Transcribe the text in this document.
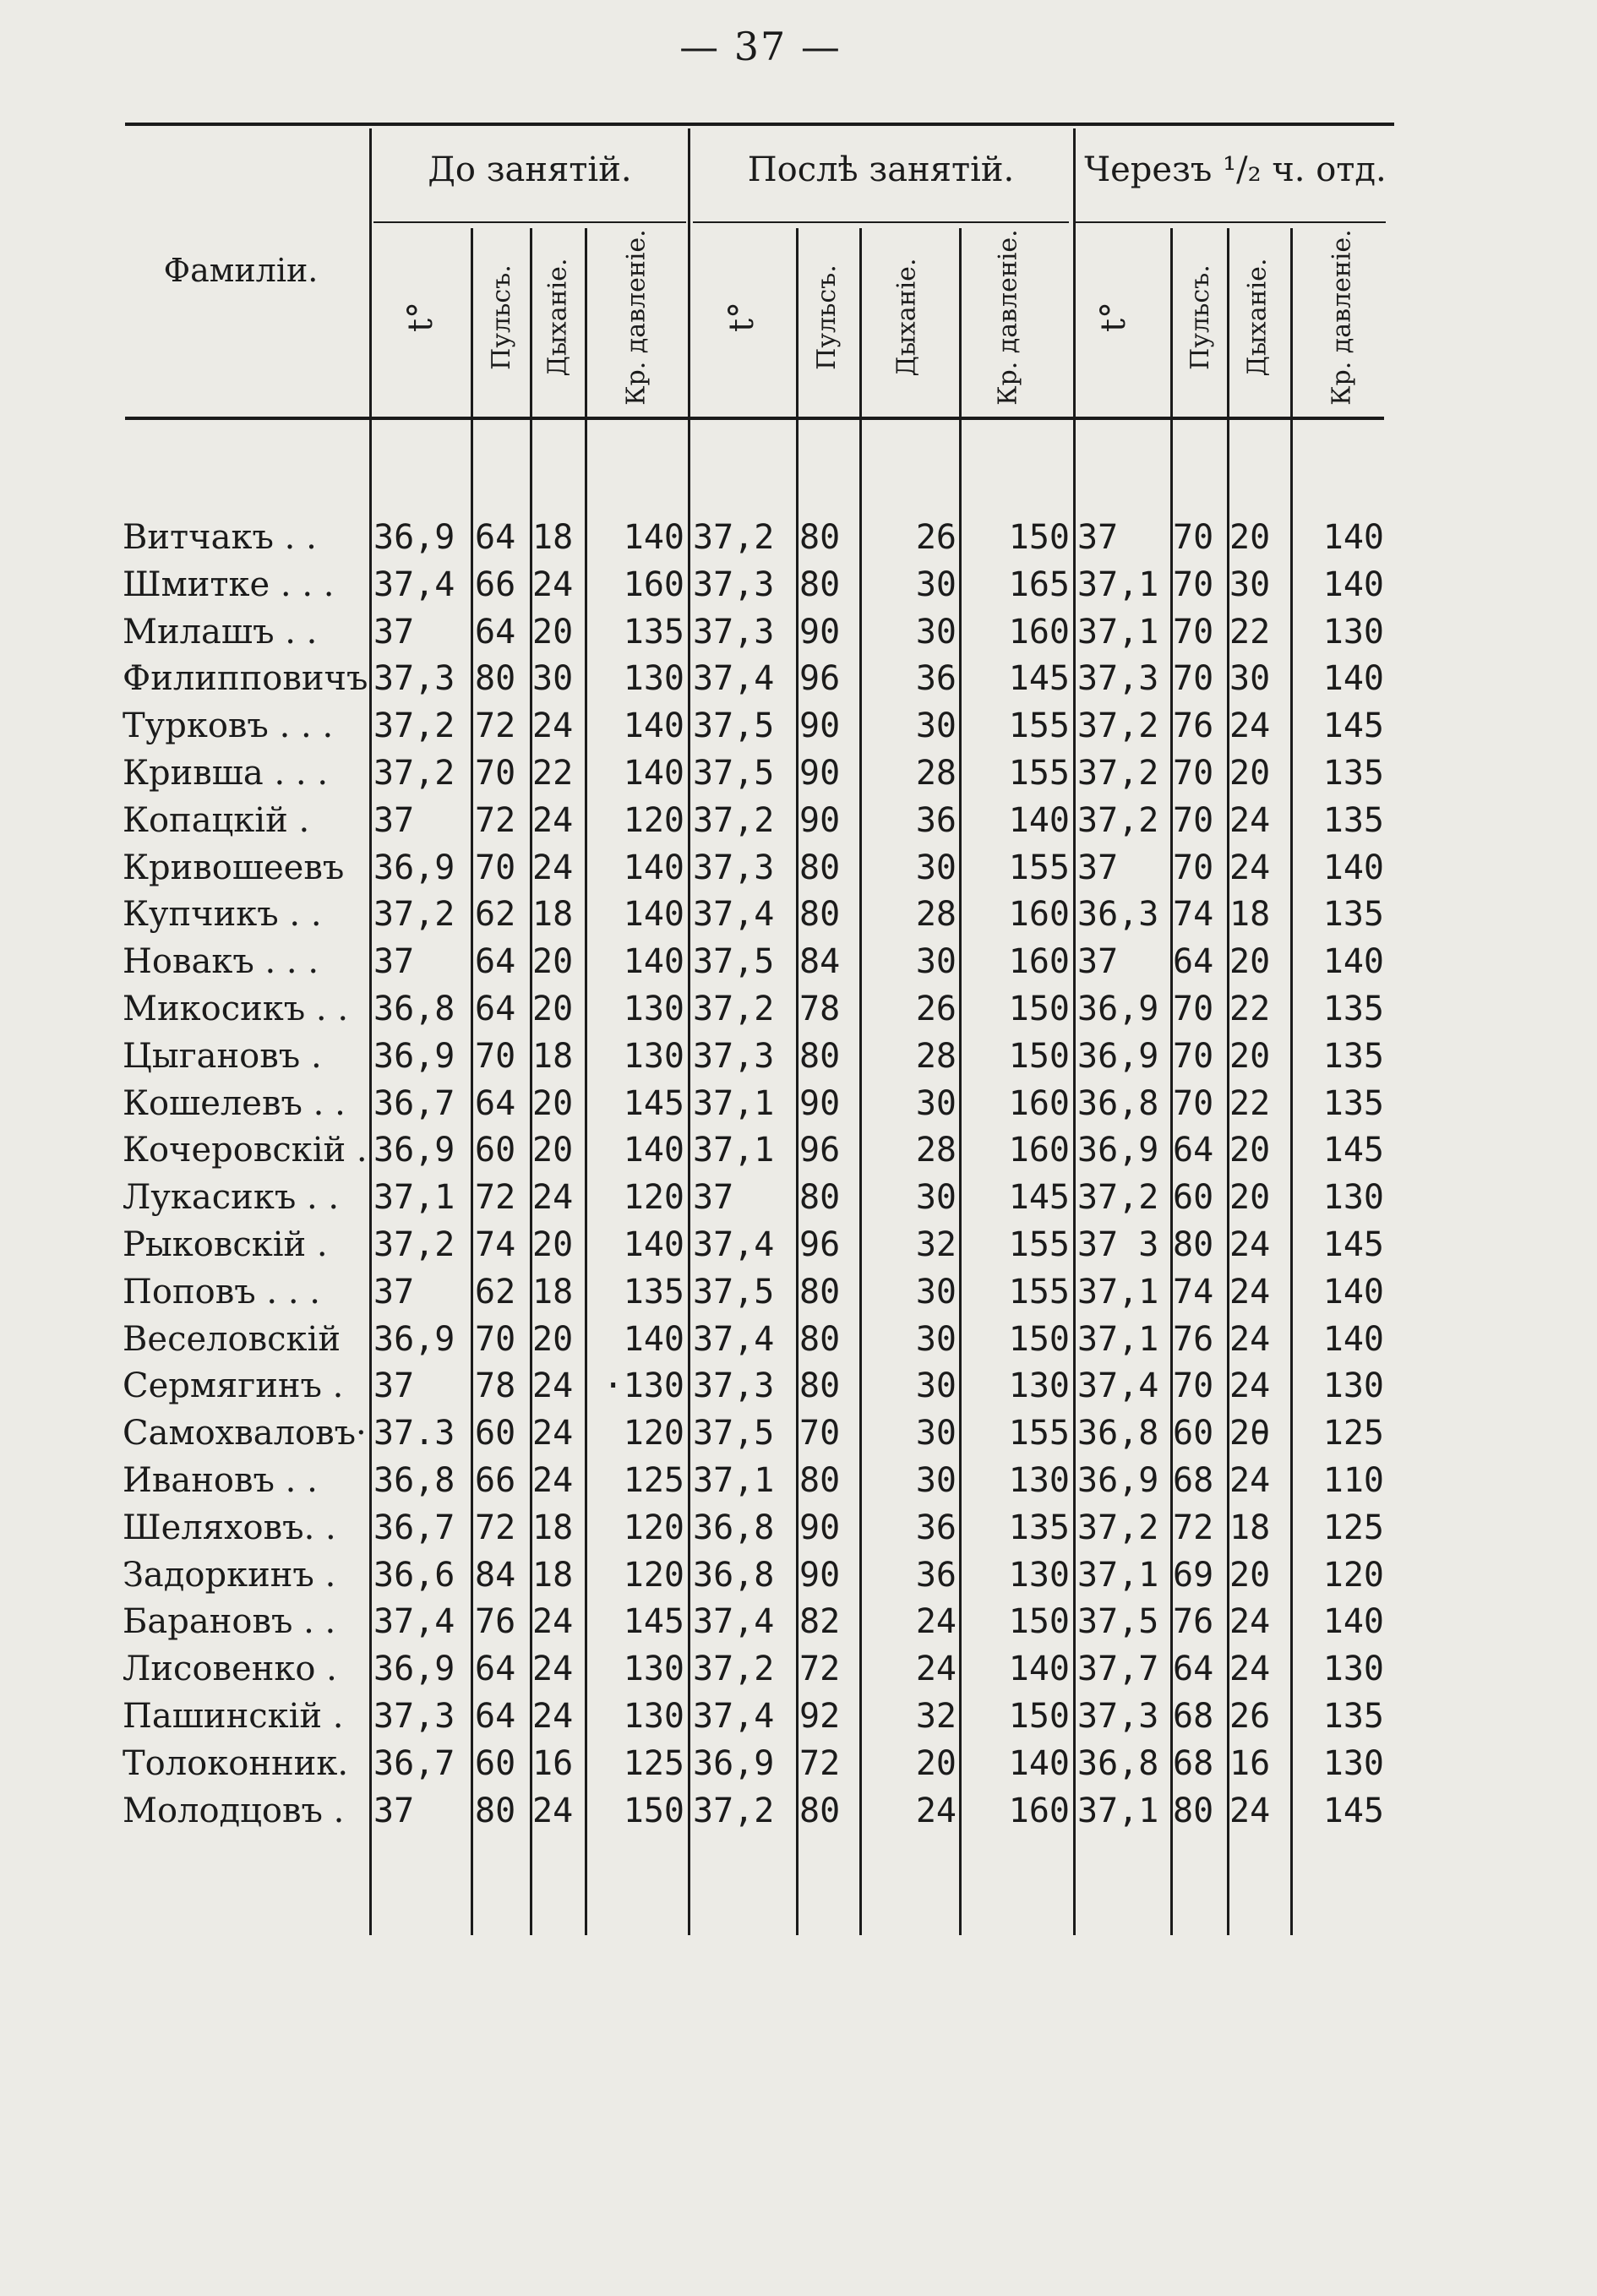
— 37 —
Фамиліи.
До занятій.	Послѣ занятій.	Черезъ ¹/₂ ч. отд.
t° Пульсъ. Дыханіе. Кр. давленіе. t° Пульсъ. Дыханіе.	Кр. давленіе. t° Пульсъ. Дыханіе. Кр. давленіе.
Витчакъ . . 36,9 64 18	140 37,2 80	26	150 37	70 20	140
Шмитке . . . 37,4 66 24	160 37,3 80	30	165 37,1 70 30	140
Милашъ . . 37	64 20	135 37,3 90	30	160 37,1 70 22	130
Филипповичъ 37,3 80 30	130 37,4 96	36	145 37,3 70 30	140
Турковъ . . . 37,2 72 24	140 37,5 90	30	155 37,2 76 24	145
Кривша . . . 37,2 70 22	140 37,5 90	28	155 37,2 70 20	135
Копацкій . 37	72 24	120 37,2 90	36	140 37,2 70 24	135
Кривошеевъ 36,9 70 24	140 37,3 80	30	155 37	70 24	140
Купчикъ . . 37,2 62 18	140 37,4 80	28	160 36,3 74 18	135
Новакъ . . . 37	64 20	140 37,5 84	30	160 37	64 20	140
Микосикъ . . 36,8 64 20	130 37,2 78	26	150 36,9 70 22	135
Цыгановъ . 36,9 70 18	130 37,3 80	28	150 36,9 70 20	135
Кошелевъ . . 36,7 64 20	145 37,1 90	30	160 36,8 70 22	135
Кочеровскій . 36,9 60 20	140 37,1 96	28	160 36,9 64 20	145
Лукасикъ . . 37,1 72 24	120 37	80	30	145 37,2 60 20	130
Рыковскій . 37,2 74 20	140 37,4 96	32	155 37 3 80 24	145
Поповъ . . . 37	62 18	135 37,5 80	30	155 37,1 74 24	140
Веселовскій 36,9 70 20	140 37,4 80	30	150 37,1 76 24	140
Сермягинъ . 37	78 24 ·130 37,3 80	30	130 37,4 70 24	130
Самохваловъ· 37.3 60 24	120 37,5 70	30	155 36,8 60 2θ	125
Ивановъ . . 36,8 66 24	125 37,1 80	30	130 36,9 68 24	110
Шеляховъ. . 36,7 72 18	120 36,8 90	36	135 37,2 72 18	125
Задоркинъ . 36,6 84 18	120 36,8 90	36	130 37,1 69 20	120
Барановъ . . 37,4 76 24	145 37,4 82	24	150 37,5 76 24	140
Лисовенко . 36,9 64 24	130 37,2 72	24	140 37,7 64 24	130
Пашинскій . 37,3 64 24	130 37,4 92	32	150 37,3 68 26	135
Толоконник. 36,7 60 16	125 36,9 72	20	140 36,8 68 16	130
Молодцовъ . 37	80 24	150 37,2 80	24	160 37,1 80 24	145
